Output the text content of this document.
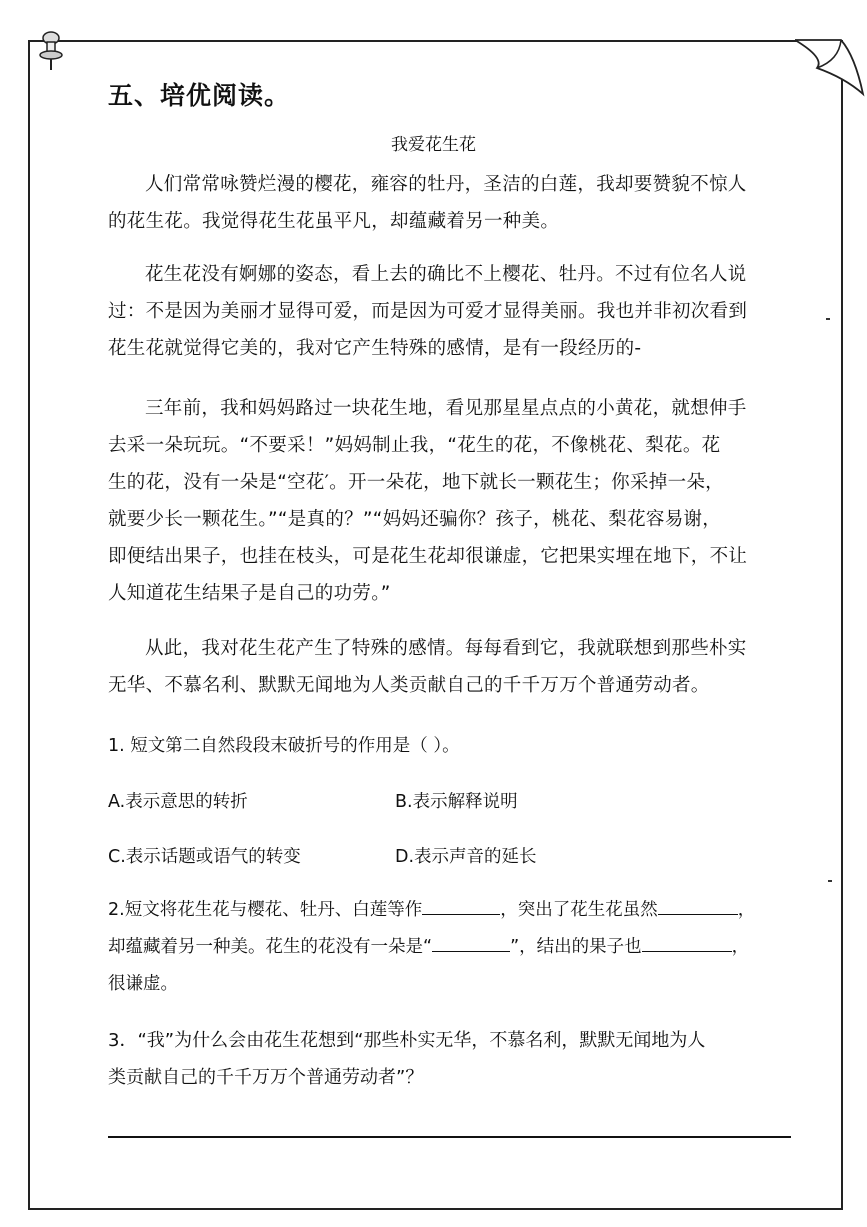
五、培优阅读。
我爱花生花
人们常常咏赞烂漫的樱花，雍容的牡丹，圣洁的白莲，我却要赞貌不惊人
的花生花。我觉得花生花虽平凡，却蕴藏着另一种美。
花生花没有婀娜的姿态，看上去的确比不上樱花、牡丹。不过有位名人说
过：不是因为美丽才显得可爱，而是因为可爱才显得美丽。我也并非初次看到
花生花就觉得它美的，我对它产生特殊的感情，是有一段经历的-
三年前，我和妈妈路过一块花生地，看见那星星点点的小黄花，就想伸手
去采一朵玩玩。“不要采！”妈妈制止我，“花生的花，不像桃花、梨花。花
生的花，没有一朵是“空花′。开一朵花，地下就长一颗花生；你采掉一朵，
就要少长一颗花生。”“是真的？”“妈妈还骗你？孩子，桃花、梨花容易谢，
即便结出果子，也挂在枝头，可是花生花却很谦虚，它把果实埋在地下，不让
人知道花生结果子是自己的功劳。”
从此，我对花生花产生了特殊的感情。每每看到它，我就联想到那些朴实
无华、不慕名利、默默无闻地为人类贡献自己的千千万万个普通劳动者。
1. 短文第二自然段段末破折号的作用是（ ）。
A.表示意思的转折	B.表示解释说明
C.表示话题或语气的转变	D.表示声音的延长
2.短文将花生花与樱花、牡丹、白莲等作	，突出了花生花虽然	，
却蕴藏着另一种美。花生的花没有一朵是“	”，结出的果子也	，
很谦虚。
3．“我”为什么会由花生花想到“那些朴实无华，不慕名利，默默无闻地为人
类贡献自己的千千万万个普通劳动者”？
